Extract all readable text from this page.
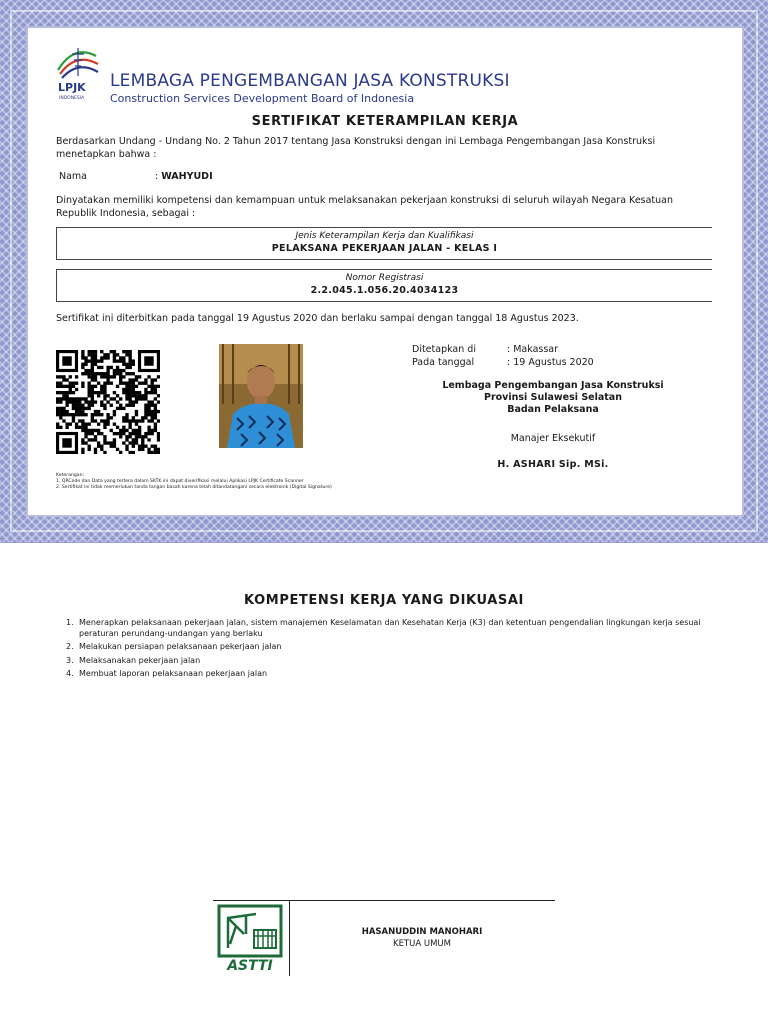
LPJK
INDONESIA
LEMBAGA PENGEMBANGAN JASA KONSTRUKSI
Construction Services Development Board of Indonesia
SERTIFIKAT KETERAMPILAN KERJA
Berdasarkan Undang - Undang No. 2 Tahun 2017 tentang Jasa Konstruksi dengan ini Lembaga Pengembangan Jasa Konstruksi menetapkan bahwa :
Nama	: WAHYUDI
Dinyatakan memiliki kompetensi dan kemampuan untuk melaksanakan pekerjaan konstruksi di seluruh wilayah Negara Kesatuan Republik Indonesia, sebagai :
Jenis Keterampilan Kerja dan Kualifikasi
PELAKSANA PEKERJAAN JALAN - KELAS I
Nomor Registrasi
2.2.045.1.056.20.4034123
Sertifikat ini diterbitkan pada tanggal 19 Agustus 2020 dan berlaku sampai dengan tanggal 18 Agustus 2023.
Ditetapkan di	: Makassar
Pada tanggal	: 19 Agustus 2020
Lembaga Pengembangan Jasa Konstruksi
Provinsi Sulawesi Selatan
Badan Pelaksana
Manajer Eksekutif
H. ASHARI Sip. MSi.
Keterangan:
1. QRCode dan Data yang tertera dalam SKTK ini dapat diverifikasi melalui Aplikasi LPJK Certificate Scanner
2. Sertifikat ini tidak memerlukan tanda tangan basah karena telah ditandatangani secara elektronik (Digital Signature)
KOMPETENSI KERJA YANG DIKUASAI
1. Menerapkan pelaksanaan pekerjaan jalan, sistem manajemen Keselamatan dan Kesehatan Kerja (K3) dan ketentuan pengendalian lingkungan kerja sesuai peraturan perundang-undangan yang berlaku
2. Melakukan persiapan pelaksanaan pekerjaan jalan
3. Melaksanakan pekerjaan jalan
4. Membuat laporan pelaksanaan pekerjaan jalan
ASTTI
HASANUDDIN MANOHARI
KETUA UMUM
